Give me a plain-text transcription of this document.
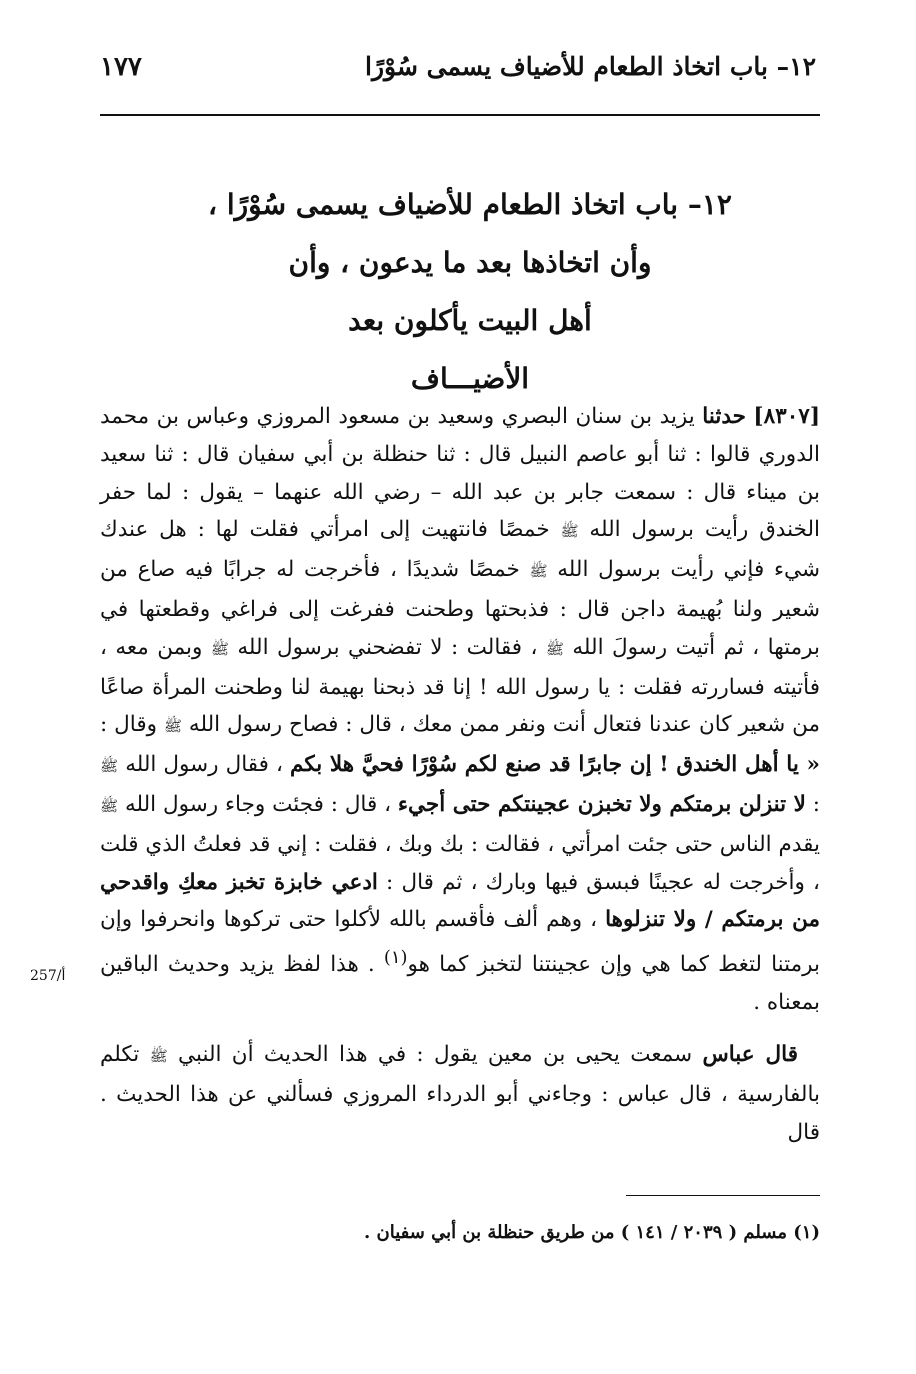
١٢– باب اتخاذ الطعام للأضياف يسمى سُوْرًا
١٧٧
١٢– باب اتخاذ الطعام للأضياف يسمى سُوْرًا ،
وأن اتخاذها بعد ما يدعون ، وأن
أهل البيت يأكلون بعد
الأضيـــاف

[٨٣٠٧] حدثنا يزيد بن سنان البصري وسعيد بن مسعود المروزي وعباس بن محمد الدوري قالوا : ثنا أبو عاصم النبيل قال : ثنا حنظلة بن أبي سفيان قال : ثنا سعيد بن ميناء قال : سمعت جابر بن عبد الله – رضي الله عنهما – يقول : لما حفر الخندق رأيت برسول الله ﷺ خمصًا فانتهيت إلى امرأتي فقلت لها : هل عندك شيء فإني رأيت برسول الله ﷺ خمصًا شديدًا ، فأخرجت له جرابًا فيه صاع من شعير ولنا بُهيمة داجن قال : فذبحتها وطحنت ففرغت إلى فراغي وقطعتها في برمتها ، ثم أتيت رسولَ الله ﷺ ، فقالت : لا تفضحني برسول الله ﷺ وبمن معه ، فأتيته فساررته فقلت : يا رسول الله ! إنا قد ذبحنا بهيمة لنا وطحنت المرأة صاعًا من شعير كان عندنا فتعال أنت ونفر ممن معك ، قال : فصاح رسول الله ﷺ وقال : « يا أهل الخندق ! إن جابرًا قد صنع لكم سُوْرًا فحيَّ هلا بكم ، فقال رسول الله ﷺ : لا تنزلن برمتكم ولا تخبزن عجينتكم حتى أجيء ، قال : فجئت وجاء رسول الله ﷺ يقدم الناس حتى جئت امرأتي ، فقالت : بك وبك ، فقلت : إني قد فعلتُ الذي قلت ، وأخرجت له عجينًا فبسق فيها وبارك ، ثم قال : ادعي خابزة تخبز معكِ واقدحي من برمتكم / ولا تنزلوها ، وهم ألف فأقسم بالله لأكلوا حتى تركوها وانحرفوا وإن برمتنا لتغط كما هي وإن عجينتنا لتخبز كما هو$^{(١)}$ . هذا لفظ يزيد وحديث الباقين بمعناه .

قال عباس سمعت يحيى بن معين يقول : في هذا الحديث أن النبي ﷺ تكلم بالفارسية ، قال عباس : وجاءني أبو الدرداء المروزي فسألني عن هذا الحديث . قال

257/أ
(١) مسلم ( ٢٠٣٩ / ١٤١ ) من طريق حنظلة بن أبي سفيان .
